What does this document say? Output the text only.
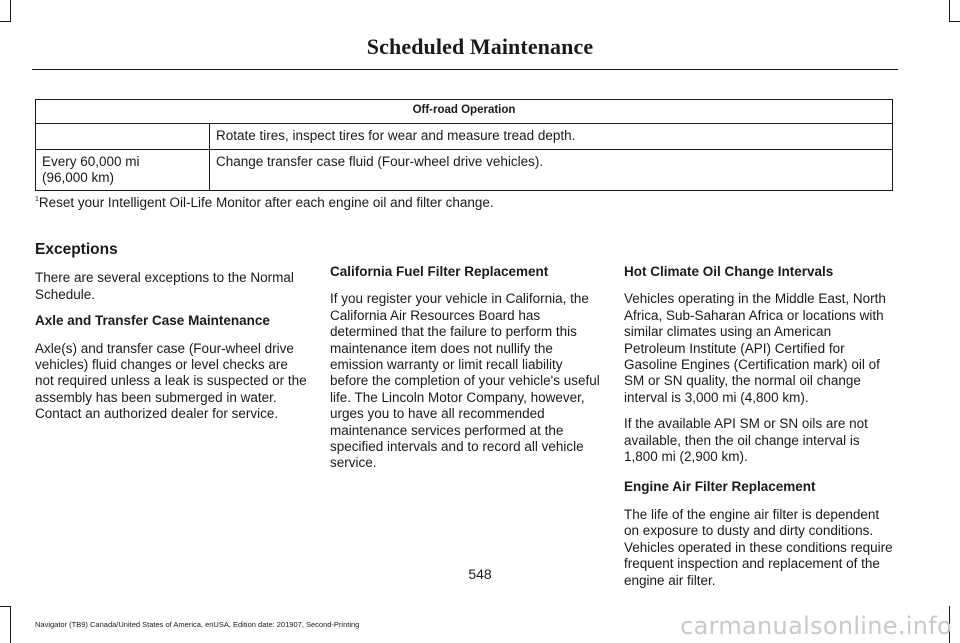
Scheduled Maintenance
Off-road Operation	
	Rotate tires, inspect tires for wear and measure tread depth.
Every 60,000 mi
(96,000 km)	Change transfer case fluid (Four-wheel drive vehicles).
$^1$Reset your Intelligent Oil-Life Monitor after each engine oil and filter change.
Exceptions

There are several exceptions to the Normal Schedule.

Axle and Transfer Case Maintenance

Axle(s) and transfer case (Four-wheel drive vehicles) fluid changes or level checks are not required unless a leak is suspected or the assembly has been submerged in water. Contact an authorized dealer for service.

California Fuel Filter Replacement

If you register your vehicle in California, the California Air Resources Board has determined that the failure to perform this maintenance item does not nullify the emission warranty or limit recall liability before the completion of your vehicle's useful life. The Lincoln Motor Company, however, urges you to have all recommended maintenance services performed at the specified intervals and to record all vehicle service.

Hot Climate Oil Change Intervals

Vehicles operating in the Middle East, North Africa, Sub-Saharan Africa or locations with similar climates using an American Petroleum Institute (API) Certified for Gasoline Engines (Certification mark) oil of SM or SN quality, the normal oil change interval is 3,000 mi (4,800 km).

If the available API SM or SN oils are not available, then the oil change interval is 1,800 mi (2,900 km).

Engine Air Filter Replacement

The life of the engine air filter is dependent on exposure to dusty and dirty conditions. Vehicles operated in these conditions require frequent inspection and replacement of the engine air filter.

548
Navigator (TB9) Canada/United States of America, enUSA, Edition date: 201907, Second-Printing	carmanualsonline.info
